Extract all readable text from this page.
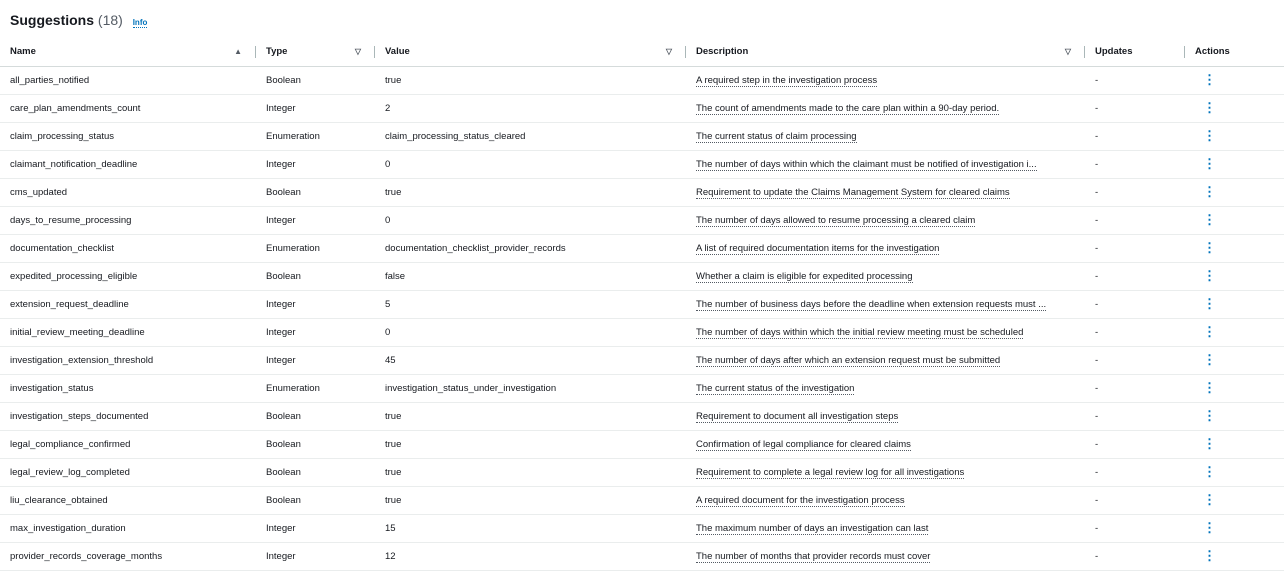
Suggestions (18) Info
Name ▲	Type ▽	Value ▽	Description ▽	Updates	Actions
all_parties_notified	Boolean	true	A required step in the investigation process	-	⋮
care_plan_amendments_count	Integer	2	The count of amendments made to the care plan within a 90-day period.	-	⋮
claim_processing_status	Enumeration	claim_processing_status_cleared	The current status of claim processing	-	⋮
claimant_notification_deadline	Integer	0	The number of days within which the claimant must be notified of investigation i...	-	⋮
cms_updated	Boolean	true	Requirement to update the Claims Management System for cleared claims	-	⋮
days_to_resume_processing	Integer	0	The number of days allowed to resume processing a cleared claim	-	⋮
documentation_checklist	Enumeration	documentation_checklist_provider_records	A list of required documentation items for the investigation	-	⋮
expedited_processing_eligible	Boolean	false	Whether a claim is eligible for expedited processing	-	⋮
extension_request_deadline	Integer	5	The number of business days before the deadline when extension requests must ...	-	⋮
initial_review_meeting_deadline	Integer	0	The number of days within which the initial review meeting must be scheduled	-	⋮
investigation_extension_threshold	Integer	45	The number of days after which an extension request must be submitted	-	⋮
investigation_status	Enumeration	investigation_status_under_investigation	The current status of the investigation	-	⋮
investigation_steps_documented	Boolean	true	Requirement to document all investigation steps	-	⋮
legal_compliance_confirmed	Boolean	true	Confirmation of legal compliance for cleared claims	-	⋮
legal_review_log_completed	Boolean	true	Requirement to complete a legal review log for all investigations	-	⋮
liu_clearance_obtained	Boolean	true	A required document for the investigation process	-	⋮
max_investigation_duration	Integer	15	The maximum number of days an investigation can last	-	⋮
provider_records_coverage_months	Integer	12	The number of months that provider records must cover	-	⋮
